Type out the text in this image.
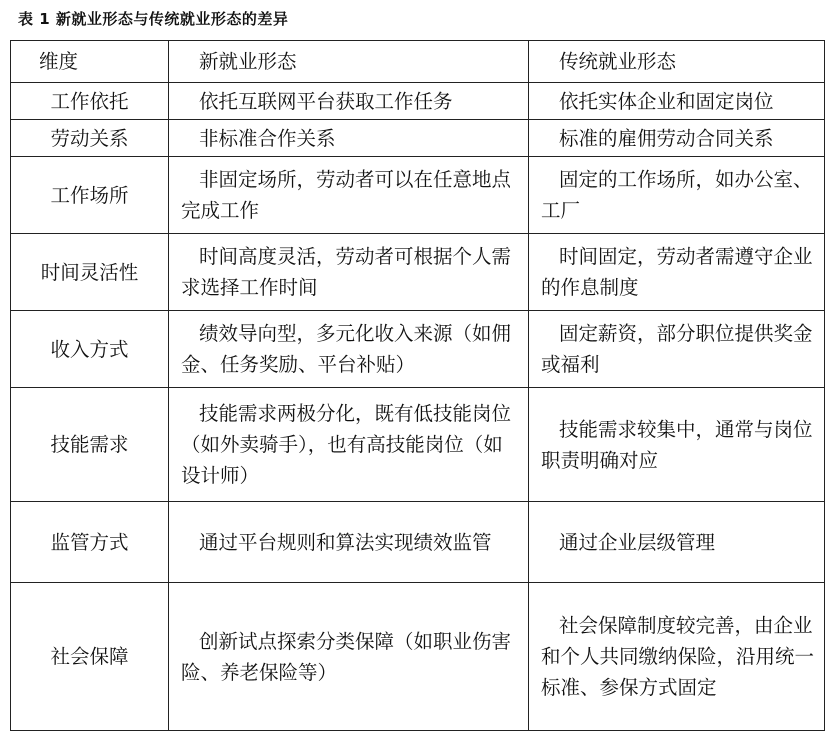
表 1 新就业形态与传统就业形态的差异
维度	新就业形态	传统就业形态
工作依托	依托互联网平台获取工作任务	依托实体企业和固定岗位
劳动关系	非标准合作关系	标准的雇佣劳动合同关系
工作场所	非固定场所，劳动者可以在任意地点完成工作	固定的工作场所，如办公室、工厂
时间灵活性	时间高度灵活，劳动者可根据个人需求选择工作时间	时间固定，劳动者需遵守企业的作息制度
收入方式	绩效导向型，多元化收入来源（如佣金、任务奖励、平台补贴）	固定薪资，部分职位提供奖金或福利
技能需求	技能需求两极分化，既有低技能岗位（如外卖骑手），也有高技能岗位（如设计师）	技能需求较集中，通常与岗位职责明确对应
监管方式	通过平台规则和算法实现绩效监管	通过企业层级管理
社会保障	创新试点探索分类保障（如职业伤害险、养老保险等）	社会保障制度较完善，由企业和个人共同缴纳保险，沿用统一标准、参保方式固定
